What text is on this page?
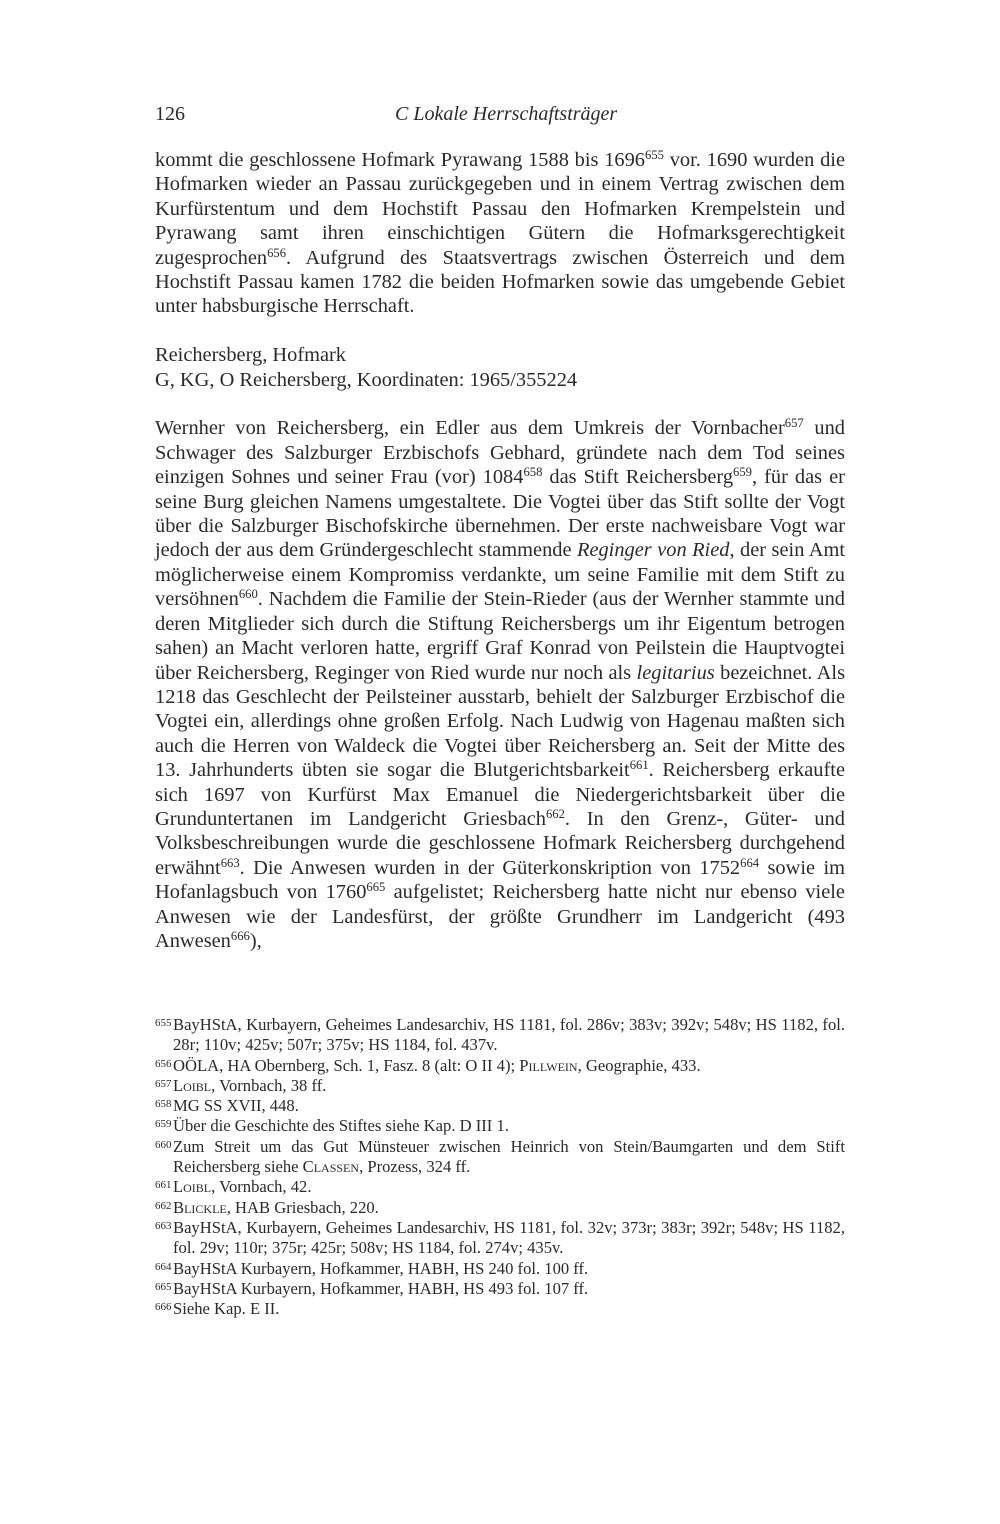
126	C Lokale Herrschaftsträger

kommt die geschlossene Hofmark Pyrawang 1588 bis 1696$^{655}$ vor. 1690 wurden die Hofmarken wieder an Passau zurückgegeben und in einem Vertrag zwischen dem Kurfürstentum und dem Hochstift Passau den Hofmarken Krempelstein und Pyrawang samt ihren einschichtigen Gütern die Hofmarksgerechtigkeit zugesprochen$^{656}$. Aufgrund des Staatsvertrags zwischen Österreich und dem Hochstift Passau kamen 1782 die beiden Hofmarken sowie das umgebende Gebiet unter habsburgische Herrschaft.

Reichersberg, Hofmark

G, KG, O Reichersberg, Koordinaten: 1965/355224

Wernher von Reichersberg, ein Edler aus dem Umkreis der Vornbacher$^{657}$ und Schwager des Salzburger Erzbischofs Gebhard, gründete nach dem Tod seines einzigen Sohnes und seiner Frau (vor) 1084$^{658}$ das Stift Reichersberg$^{659}$, für das er seine Burg gleichen Namens umgestaltete. Die Vogtei über das Stift sollte der Vogt über die Salzburger Bischofskirche übernehmen. Der erste nachweisbare Vogt war jedoch der aus dem Gründergeschlecht stammende Reginger von Ried, der sein Amt möglicherweise einem Kompromiss verdankte, um seine Familie mit dem Stift zu versöhnen$^{660}$. Nachdem die Familie der Stein-Rieder (aus der Wernher stammte und deren Mitglieder sich durch die Stiftung Reichersbergs um ihr Eigentum betrogen sahen) an Macht verloren hatte, ergriff Graf Konrad von Peilstein die Hauptvogtei über Reichersberg, Reginger von Ried wurde nur noch als legitarius bezeichnet. Als 1218 das Geschlecht der Peilsteiner ausstarb, behielt der Salzburger Erzbischof die Vogtei ein, allerdings ohne großen Erfolg. Nach Ludwig von Hagenau maßten sich auch die Herren von Waldeck die Vogtei über Reichersberg an. Seit der Mitte des 13. Jahrhunderts übten sie sogar die Blutgerichtsbarkeit$^{661}$. Reichersberg erkaufte sich 1697 von Kurfürst Max Emanuel die Niedergerichtsbarkeit über die Grunduntertanen im Landgericht Griesbach$^{662}$. In den Grenz-, Güter- und Volksbeschreibungen wurde die geschlossene Hofmark Reichersberg durchgehend erwähnt$^{663}$. Die Anwesen wurden in der Güterkonskription von 1752$^{664}$ sowie im Hofanlagsbuch von 1760$^{665}$ aufgelistet; Reichersberg hatte nicht nur ebenso viele Anwesen wie der Landesfürst, der größte Grundherr im Landgericht (493 Anwesen$^{666}$),

655 BayHStA, Kurbayern, Geheimes Landesarchiv, HS 1181, fol. 286v; 383v; 392v; 548v; HS 1182, fol. 28r; 110v; 425v; 507r; 375v; HS 1184, fol. 437v.
656 OÖLA, HA Obernberg, Sch. 1, Fasz. 8 (alt: O II 4); Pillwein, Geographie, 433.
657 Loibl, Vornbach, 38 ff.
658 MG SS XVII, 448.
659 Über die Geschichte des Stiftes siehe Kap. D III 1.
660 Zum Streit um das Gut Münsteuer zwischen Heinrich von Stein/Baumgarten und dem Stift Reichersberg siehe Classen, Prozess, 324 ff.
661 Loibl, Vornbach, 42.
662 Blickle, HAB Griesbach, 220.
663 BayHStA, Kurbayern, Geheimes Landesarchiv, HS 1181, fol. 32v; 373r; 383r; 392r; 548v; HS 1182, fol. 29v; 110r; 375r; 425r; 508v; HS 1184, fol. 274v; 435v.
664 BayHStA Kurbayern, Hofkammer, HABH, HS 240 fol. 100 ff.
665 BayHStA Kurbayern, Hofkammer, HABH, HS 493 fol. 107 ff.
666 Siehe Kap. E II.
